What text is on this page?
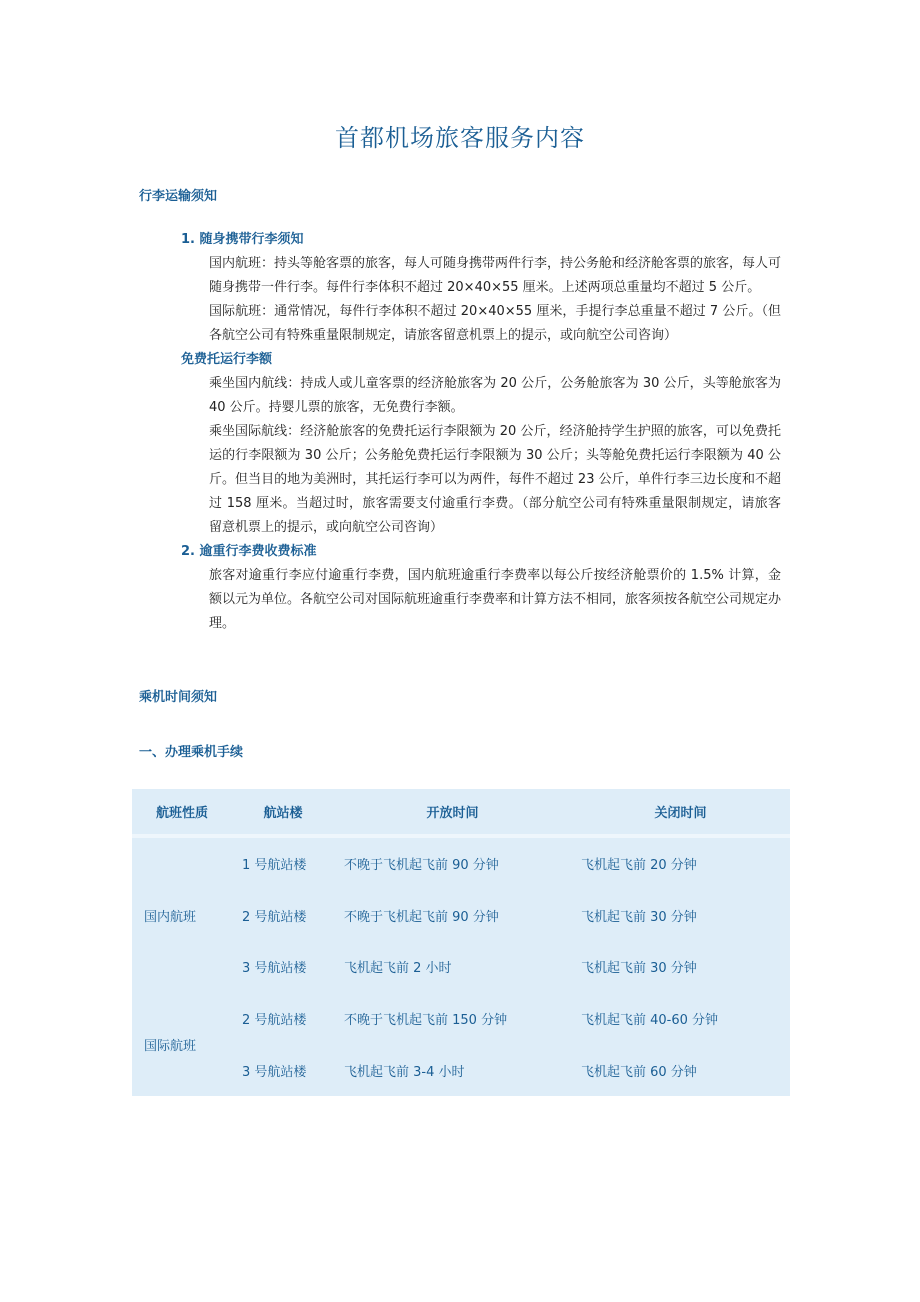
首都机场旅客服务内容
行李运输须知
1. 随身携带行李须知
国内航班：持头等舱客票的旅客，每人可随身携带两件行李，持公务舱和经济舱客票的旅客，每人可随身携带一件行李。每件行李体积不超过 20×40×55 厘米。上述两项总重量均不超过 5 公斤。
国际航班：通常情况，每件行李体积不超过 20×40×55 厘米，手提行李总重量不超过 7 公斤。（但各航空公司有特殊重量限制规定，请旅客留意机票上的提示，或向航空公司咨询）
免费托运行李额
乘坐国内航线：持成人或儿童客票的经济舱旅客为 20 公斤，公务舱旅客为 30 公斤，头等舱旅客为 40 公斤。持婴儿票的旅客，无免费行李额。
乘坐国际航线：经济舱旅客的免费托运行李限额为 20 公斤，经济舱持学生护照的旅客，可以免费托运的行李限额为 30 公斤；公务舱免费托运行李限额为 30 公斤；头等舱免费托运行李限额为 40 公斤。但当目的地为美洲时，其托运行李可以为两件，每件不超过 23 公斤，单件行李三边长度和不超过 158 厘米。当超过时，旅客需要支付逾重行李费。（部分航空公司有特殊重量限制规定，请旅客留意机票上的提示，或向航空公司咨询）
2. 逾重行李费收费标准
旅客对逾重行李应付逾重行李费，国内航班逾重行李费率以每公斤按经济舱票价的 1.5% 计算，金额以元为单位。各航空公司对国际航班逾重行李费率和计算方法不相同，旅客须按各航空公司规定办理。
乘机时间须知
一、办理乘机手续
航班性质	航站楼	开放时间	关闭时间
国内航班	1 号航站楼	不晚于飞机起飞前 90 分钟	飞机起飞前 20 分钟
	2 号航站楼	不晚于飞机起飞前 90 分钟	飞机起飞前 30 分钟
	3 号航站楼	飞机起飞前 2 小时	飞机起飞前 30 分钟
国际航班	2 号航站楼	不晚于飞机起飞前 150 分钟	飞机起飞前 40-60 分钟
	3 号航站楼	飞机起飞前 3-4 小时	飞机起飞前 60 分钟
